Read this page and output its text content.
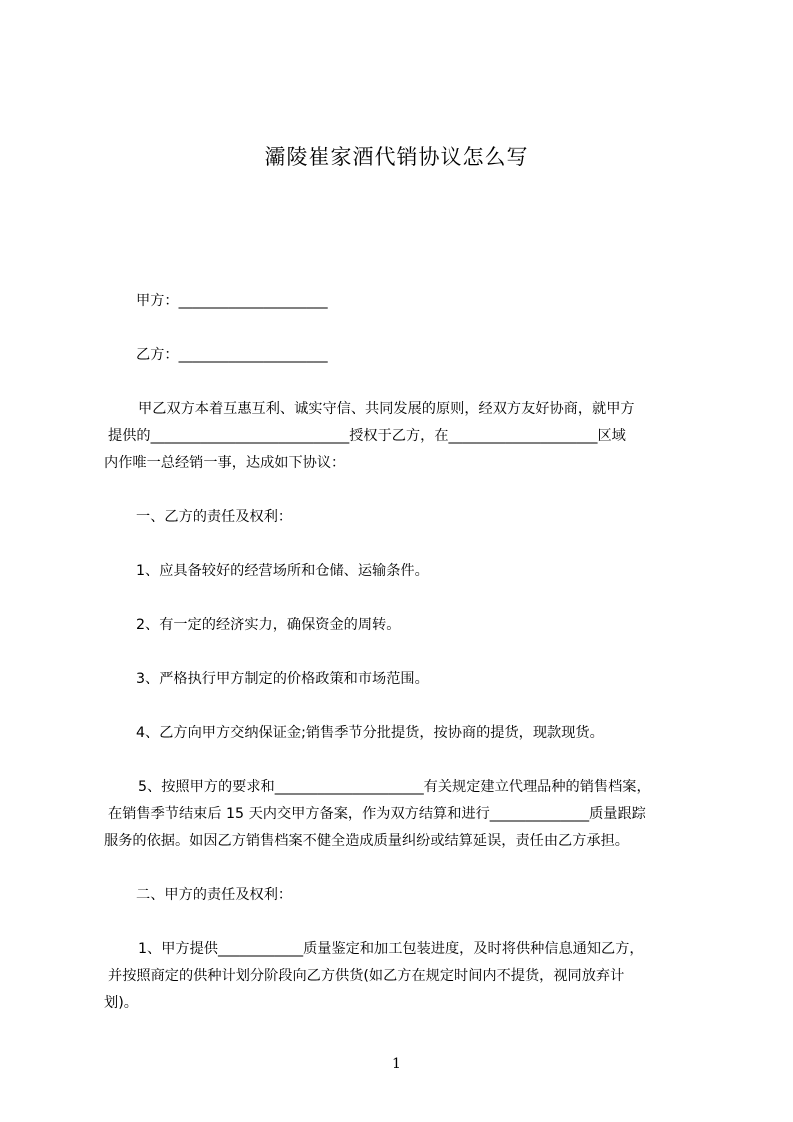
灞陵崔家酒代销协议怎么写
甲方：_____________________
乙方：_____________________
甲乙双方本着互惠互利、诚实守信、共同发展的原则，经双方友好协商，就甲方
提供的____________________________授权于乙方，在_____________________区域
内作唯一总经销一事，达成如下协议：
一、乙方的责任及权利：
1、应具备较好的经营场所和仓储、运输条件。
2、有一定的经济实力，确保资金的周转。
3、严格执行甲方制定的价格政策和市场范围。
4、乙方向甲方交纳保证金;销售季节分批提货，按协商的提货，现款现货。
5、按照甲方的要求和_____________________有关规定建立代理品种的销售档案，
在销售季节结束后 15 天内交甲方备案，作为双方结算和进行______________质量跟踪
服务的依据。如因乙方销售档案不健全造成质量纠纷或结算延误，责任由乙方承担。
二、甲方的责任及权利：
1、甲方提供____________质量鉴定和加工包装进度，及时将供种信息通知乙方，
并按照商定的供种计划分阶段向乙方供货(如乙方在规定时间内不提货，视同放弃计
划)。
1
